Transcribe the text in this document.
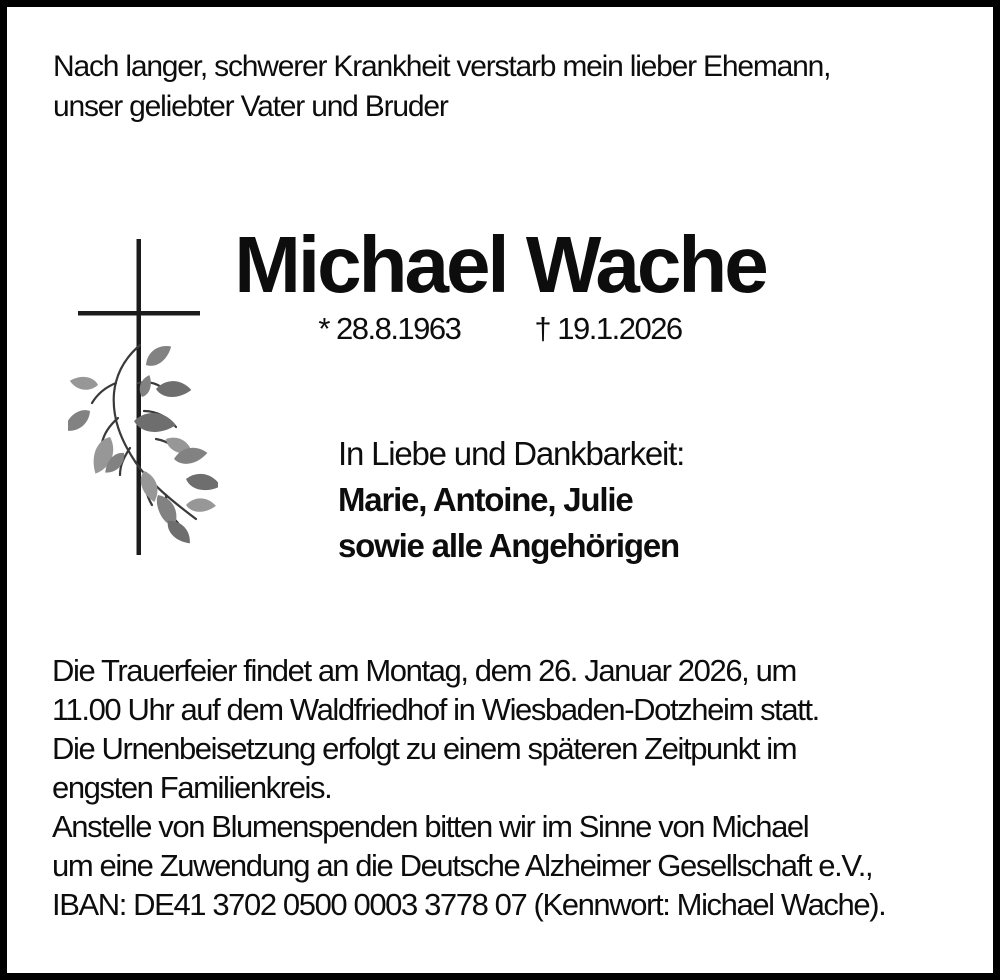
Nach langer, schwerer Krankheit verstarb mein lieber Ehemann,
unser geliebter Vater und Bruder
Michael Wache
* 28.8.1963 † 19.1.2026
In Liebe und Dankbarkeit:
Marie, Antoine, Julie
sowie alle Angehörigen
Die Trauerfeier findet am Montag, dem 26. Januar 2026, um
11.00 Uhr auf dem Waldfriedhof in Wiesbaden-Dotzheim statt.
Die Urnenbeisetzung erfolgt zu einem späteren Zeitpunkt im
engsten Familienkreis.
Anstelle von Blumenspenden bitten wir im Sinne von Michael
um eine Zuwendung an die Deutsche Alzheimer Gesellschaft e.V.,
IBAN: DE41 3702 0500 0003 3778 07 (Kennwort: Michael Wache).
